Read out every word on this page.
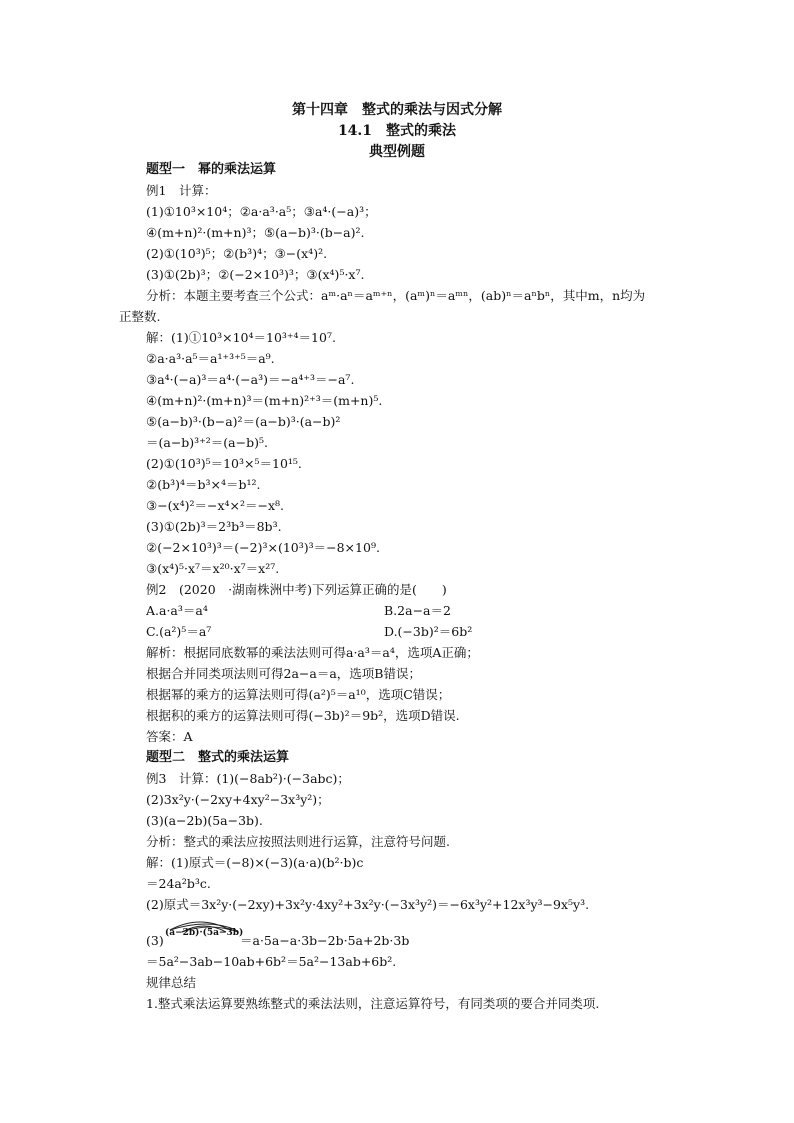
第十四章　整式的乘法与因式分解
14.1　整式的乘法
典型例题
题型一　幂的乘法运算
例1　计算：
(1)①10³×10⁴；②a·a³·a⁵；③a⁴·(−a)³；
④(m+n)²·(m+n)³；⑤(a−b)³·(b−a)².
(2)①(10³)⁵；②(b³)⁴；③−(x⁴)².
(3)①(2b)³；②(−2×10³)³；③(x⁴)⁵·x⁷.
分析：本题主要考查三个公式：aᵐ·aⁿ＝aᵐ⁺ⁿ，(aᵐ)ⁿ＝aᵐⁿ，(ab)ⁿ＝aⁿbⁿ，其中m，n均为
正整数.
解：(1)①10³×10⁴＝10³⁺⁴＝10⁷.
②a·a³·a⁵＝a¹⁺³⁺⁵＝a⁹.
③a⁴·(−a)³＝a⁴·(−a³)＝−a⁴⁺³＝−a⁷.
④(m+n)²·(m+n)³＝(m+n)²⁺³＝(m+n)⁵.
⑤(a−b)³·(b−a)²＝(a−b)³·(a−b)²
＝(a−b)³⁺²＝(a−b)⁵.
(2)①(10³)⁵＝10³×⁵＝10¹⁵.
②(b³)⁴＝b³×⁴＝b¹².
③−(x⁴)²＝−x⁴×²＝−x⁸.
(3)①(2b)³＝2³b³＝8b³.
②(−2×10³)³＝(−2)³×(10³)³＝−8×10⁹.
③(x⁴)⁵·x⁷＝x²⁰·x⁷＝x²⁷.
例2　(2020　·湖南株洲中考)下列运算正确的是(　　)
A.a·a³＝a⁴	B.2a−a＝2
C.(a²)⁵＝a⁷	D.(−3b)²＝6b²
解析：根据同底数幂的乘法法则可得a·a³＝a⁴，选项A正确；
根据合并同类项法则可得2a−a＝a，选项B错误；
根据幂的乘方的运算法则可得(a²)⁵＝a¹⁰，选项C错误；
根据积的乘方的运算法则可得(−3b)²＝9b²，选项D错误.
答案：A
题型二　整式的乘法运算
例3　计算：(1)(−8ab²)·(−3abc)；
(2)3x²y·(−2xy+4xy²−3x³y²)；
(3)(a−2b)(5a−3b).
分析：整式的乘法应按照法则进行运算，注意符号问题.
解：(1)原式＝(−8)×(−3)(a·a)(b²·b)c
＝24a²b³c.
(2)原式＝3x²y·(−2xy)+3x²y·4xy²+3x²y·(−3x³y²)＝−6x³y²+12x³y³−9x⁵y³.
(3) (a−2b)·(5a−3b)
＝a·5a−a·3b−2b·5a+2b·3b
＝5a²−3ab−10ab+6b²＝5a²−13ab+6b².
规律总结
1.整式乘法运算要熟练整式的乘法法则，注意运算符号，有同类项的要合并同类项.
